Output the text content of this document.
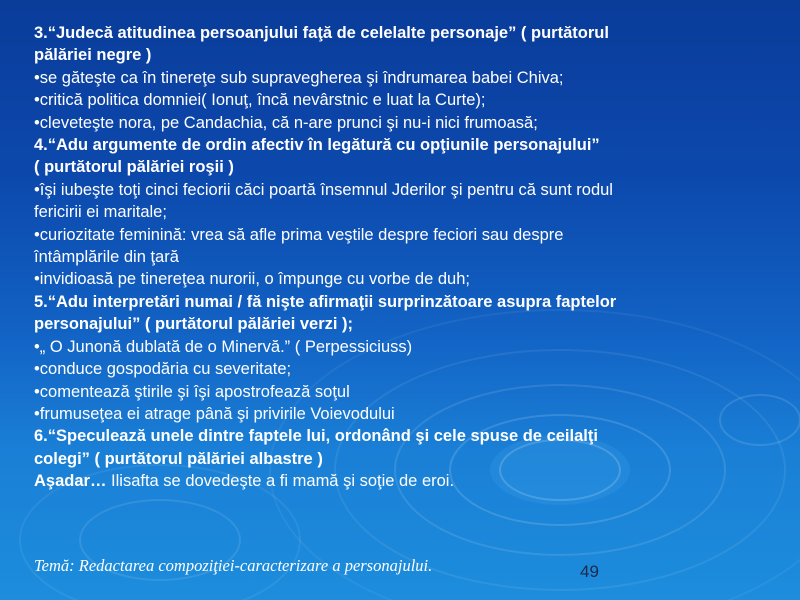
3.“Judecă atitudinea persoanjului faţă de celelalte personaje” ( purtătorul
pălăriei negre )
•se găteşte ca în tinereţe sub supravegherea şi îndrumarea babei Chiva;
•critică politica domniei( Ionuţ, încă nevârstnic e luat la Curte);
•cleveteşte nora, pe Candachia, că n-are prunci şi nu-i nici frumoasă;
4.“Adu argumente de ordin afectiv în legătură cu opţiunile personajului”
( purtătorul pălăriei roşii )
•îşi iubeşte toţi cinci feciorii căci poartă însemnul Jderilor şi pentru că sunt rodul
fericirii ei maritale;
•curiozitate feminină: vrea să afle prima veştile despre feciori sau despre
întâmplările din ţară
•invidioasă pe tinereţea nurorii, o împunge cu vorbe de duh;
5.“Adu interpretări numai / fă nişte afirmaţii surprinzătoare asupra faptelor
personajului” ( purtătorul pălăriei verzi );
•„ O Junonă dublată de o Minervă.” ( Perpessiciuss)
•conduce gospodăria cu severitate;
•comentează ştirile şi îşi apostrofează soţul
•frumuseţea ei atrage până şi privirile Voievodului
6.“Speculează unele dintre faptele lui, ordonând şi cele spuse de ceilalţi
colegi” ( purtătorul pălăriei albastre )
Aşadar… Ilisafta se dovedeşte a fi mamă şi soţie de eroi.
Temă: Redactarea compoziţiei-caracterizare a personajului.	49
